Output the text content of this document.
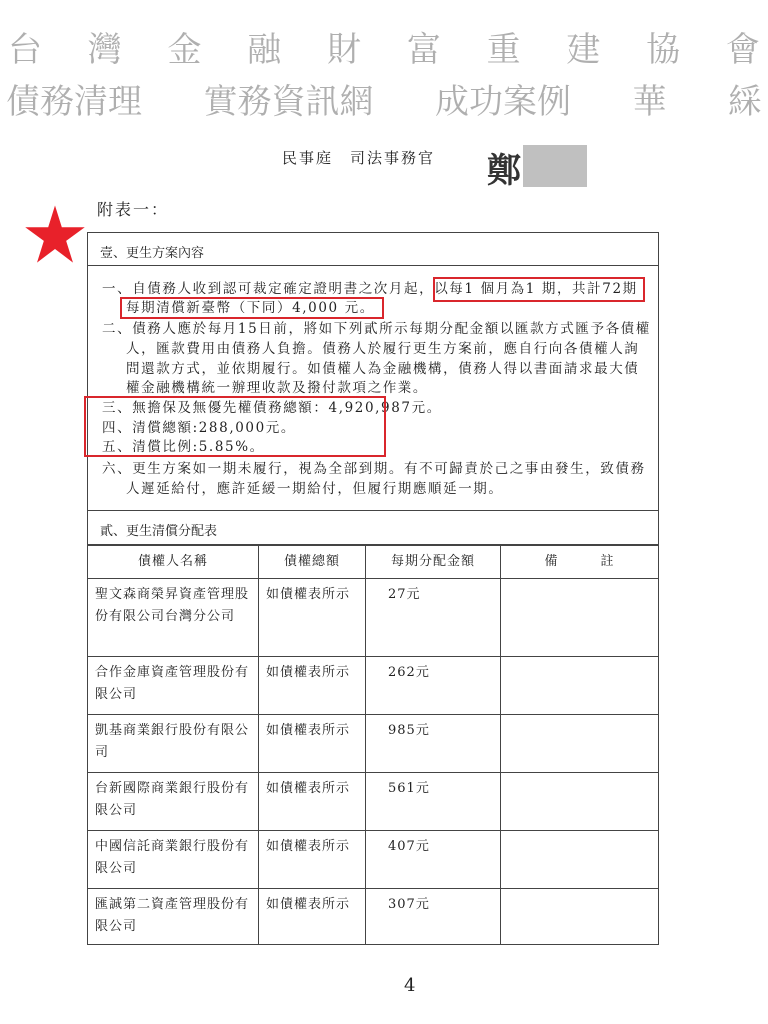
民事庭　司法事務官 鄭
附表一：
壹、更生方案內容
一、自債務人收到認可裁定確定證明書之次月起，以每1 個月為1 期，共計72期
每期清償新臺幣（下同）4,000 元。
二、債務人應於每月15日前，將如下列貳所示每期分配金額以匯款方式匯予各債權
人，匯款費用由債務人負擔。債務人於履行更生方案前，應自行向各債權人詢
問還款方式，並依期履行。如債權人為金融機構，債務人得以書面請求最大債
權金融機構統一辦理收款及撥付款項之作業。
三、無擔保及無優先權債務總額：4,920,987元。
四、清償總額:288,000元。
五、清償比例:5.85%。
六、更生方案如一期未履行，視為全部到期。有不可歸責於己之事由發生，致債務
人遲延給付，應許延緩一期給付，但履行期應順延一期。
貳、更生清償分配表
債權人名稱	債權總額	每期分配金額	備　　　註
聖文森商榮昇資產管理股份有限公司台灣分公司	如債權表所示	27元	
合作金庫資產管理股份有限公司	如債權表所示	262元	
凱基商業銀行股份有限公司	如債權表所示	985元	
台新國際商業銀行股份有限公司	如債權表所示	561元	
中國信託商業銀行股份有限公司	如債權表所示	407元	
匯誠第二資產管理股份有限公司	如債權表所示	307元	
台 灣 金 融 財 富 重 建 協 會
債務清理 實務資訊網 成功案例 華 綵
4
